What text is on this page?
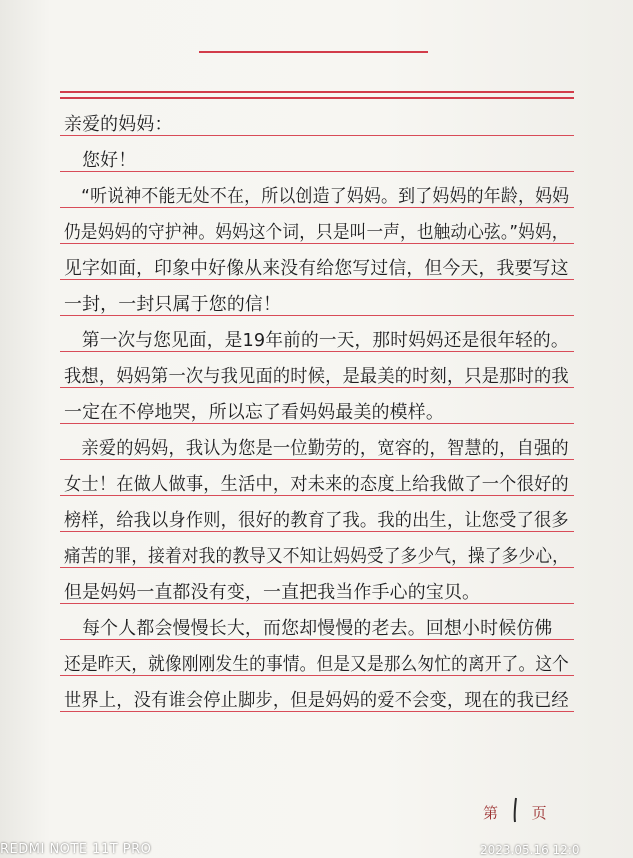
亲爱的妈妈：
　您好！
　“听说神不能无处不在，所以创造了妈妈。到了妈妈的年龄，妈妈
仍是妈妈的守护神。妈妈这个词，只是叫一声，也触动心弦。”妈妈，
见字如面，印象中好像从来没有给您写过信，但今天，我要写这
一封，一封只属于您的信！
　第一次与您见面，是19年前的一天，那时妈妈还是很年轻的。
我想，妈妈第一次与我见面的时候，是最美的时刻，只是那时的我
一定在不停地哭，所以忘了看妈妈最美的模样。
　亲爱的妈妈，我认为您是一位勤劳的，宽容的，智慧的，自强的
女士！在做人做事，生活中，对未来的态度上给我做了一个很好的
榜样，给我以身作则，很好的教育了我。我的出生，让您受了很多
痛苦的罪，接着对我的教导又不知让妈妈受了多少气，操了多少心，
但是妈妈一直都没有变，一直把我当作手心的宝贝。
　每个人都会慢慢长大，而您却慢慢的老去。回想小时候仿佛
还是昨天，就像刚刚发生的事情。但是又是那么匆忙的离开了。这个
世界上，没有谁会停止脚步，但是妈妈的爱不会变，现在的我已经
第 页
REDMI NOTE 11T PRO	2023.05.16 12:0
